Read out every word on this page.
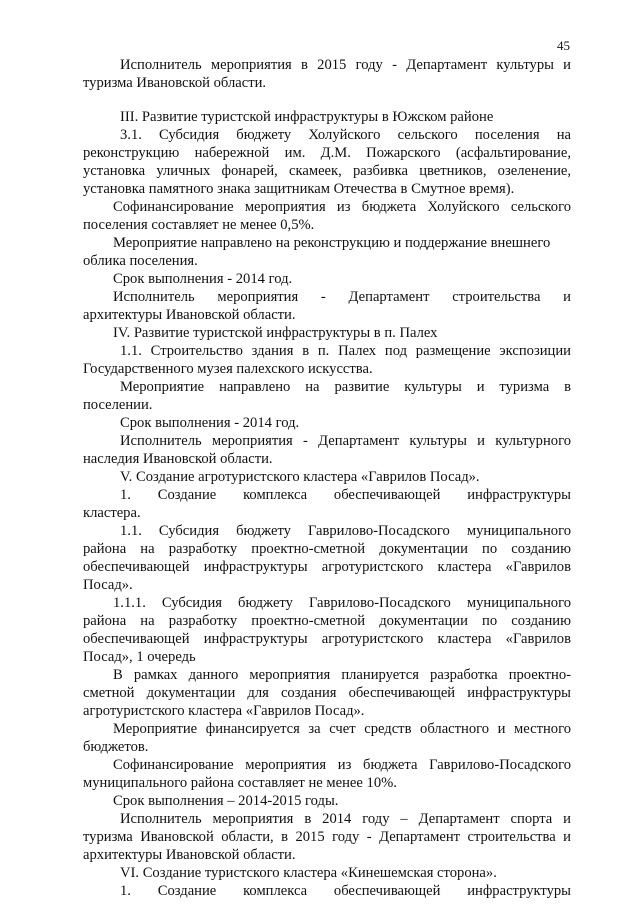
45
Исполнитель мероприятия в 2015 году - Департамент культуры и
туризма Ивановской области.
III. Развитие туристской инфраструктуры в Южском районе
3.1. Субсидия бюджету Холуйского сельского поселения на
реконструкцию набережной им. Д.М. Пожарского (асфальтирование,
установка уличных фонарей, скамеек, разбивка цветников, озеленение,
установка памятного знака защитникам Отечества в Смутное время).
Софинансирование мероприятия из бюджета Холуйского сельского
поселения составляет не менее 0,5%.
Мероприятие направлено на реконструкцию и поддержание внешнего
облика поселения.
Срок выполнения - 2014 год.
Исполнитель мероприятия - Департамент строительства и
архитектуры Ивановской области.
IV. Развитие туристской инфраструктуры в п. Палех
1.1. Строительство здания в п. Палех под размещение экспозиции
Государственного музея палехского искусства.
Мероприятие направлено на развитие культуры и туризма в
поселении.
Срок выполнения - 2014 год.
Исполнитель мероприятия - Департамент культуры и культурного
наследия Ивановской области.
V. Создание агротуристского кластера «Гаврилов Посад».
1. Создание комплекса обеспечивающей инфраструктуры
кластера.
1.1. Субсидия бюджету Гаврилово-Посадского муниципального
района на разработку проектно-сметной документации по созданию
обеспечивающей инфраструктуры агротуристского кластера «Гаврилов
Посад».
1.1.1. Субсидия бюджету Гаврилово-Посадского муниципального
района на разработку проектно-сметной документации по созданию
обеспечивающей инфраструктуры агротуристского кластера «Гаврилов
Посад», 1 очередь
В рамках данного мероприятия планируется разработка проектно-
сметной документации для создания обеспечивающей инфраструктуры
агротуристского кластера «Гаврилов Посад».
Мероприятие финансируется за счет средств областного и местного
бюджетов.
Софинансирование мероприятия из бюджета Гаврилово-Посадского
муниципального района составляет не менее 10%.
Срок выполнения – 2014-2015 годы.
Исполнитель мероприятия в 2014 году – Департамент спорта и
туризма Ивановской области, в 2015 году - Департамент строительства и
архитектуры Ивановской области.
VI. Создание туристского кластера «Кинешемская сторона».
1. Создание комплекса обеспечивающей инфраструктуры
